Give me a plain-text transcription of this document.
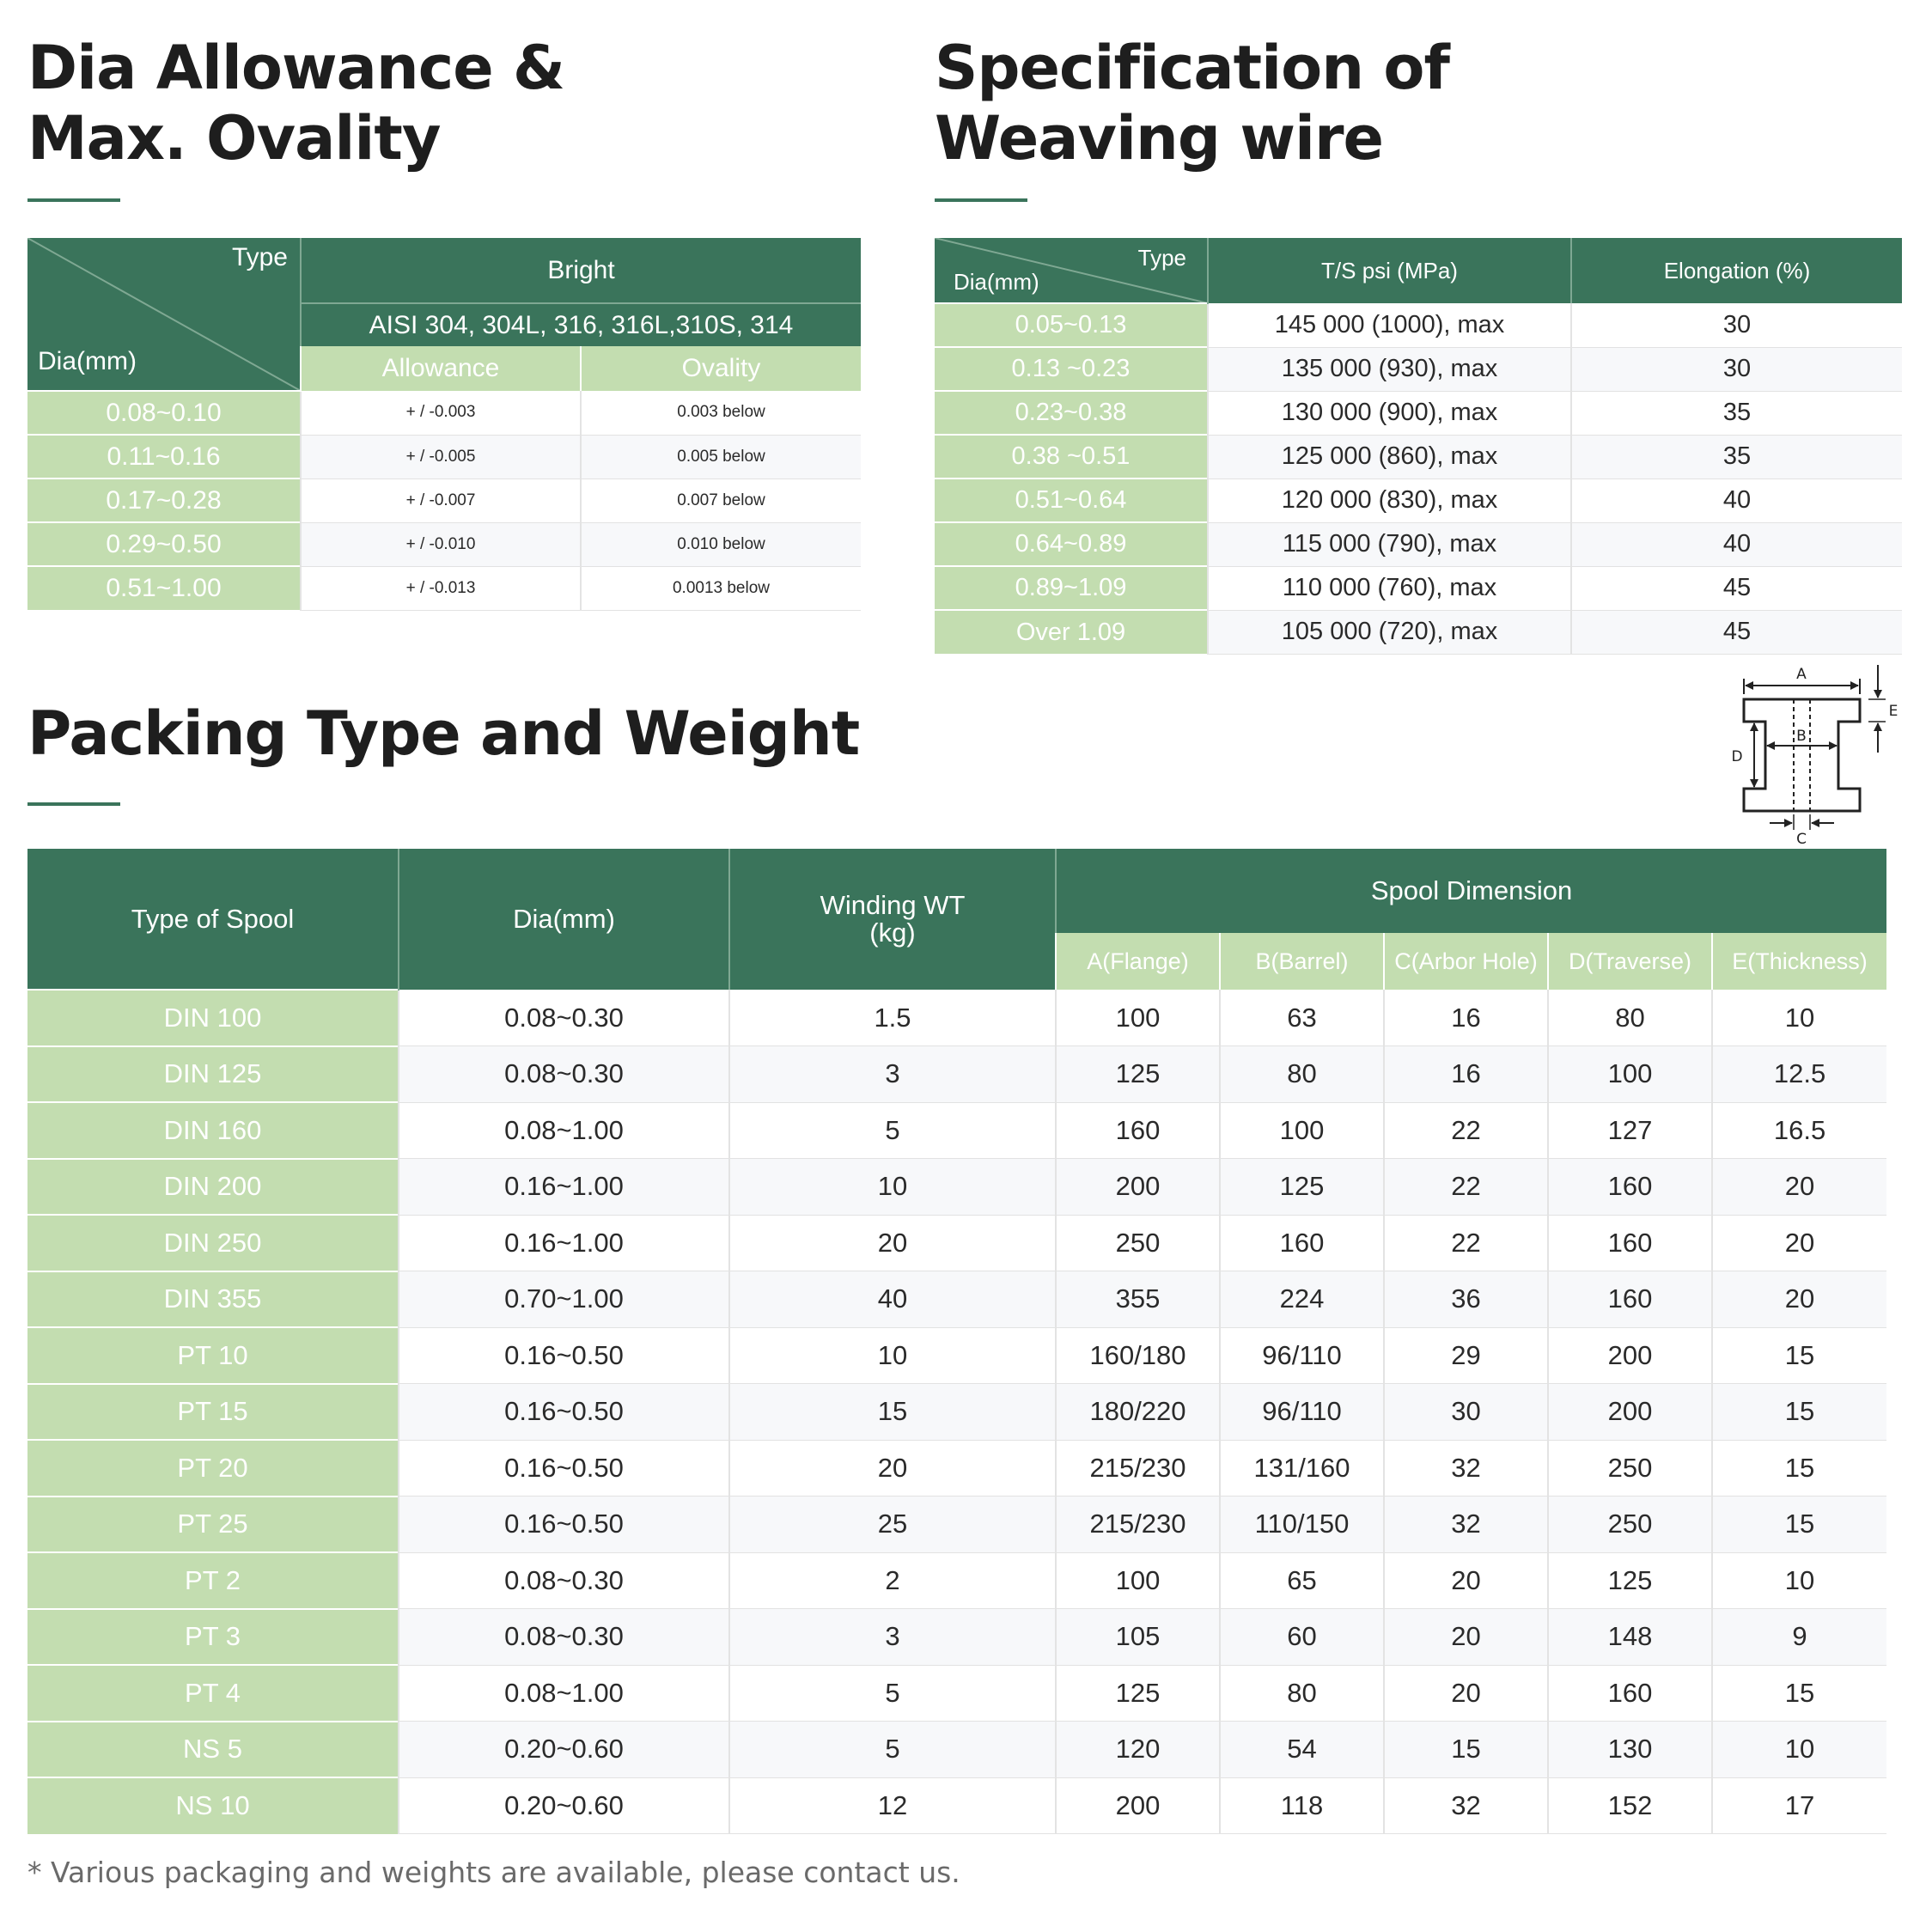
Dia Allowance &
Max. Ovality
Type
Dia(mm)	Bright	
	AISI 304, 304L, 316, 316L,310S, 314	
	Allowance	Ovality
0.08~0.10	+ / -0.003	0.003 below
0.11~0.16	+ / -0.005	0.005 below
0.17~0.28	+ / -0.007	0.007 below
0.29~0.50	+ / -0.010	0.010 below
0.51~1.00	+ / -0.013	0.0013 below
Specification of
Weaving wire
Type
Dia(mm)	T/S psi (MPa)	Elongation (%)
0.05~0.13	145 000 (1000), max	30
0.13 ~0.23	135 000 (930), max	30
0.23~0.38	130 000 (900), max	35
0.38 ~0.51	125 000 (860), max	35
0.51~0.64	120 000 (830), max	40
0.64~0.89	115 000 (790), max	40
0.89~1.09	110 000 (760), max	45
Over 1.09	105 000 (720), max	45
Packing Type and Weight
A
B
D
C
E
Type of Spool	Dia(mm)	Winding WT
(kg)	Spool Dimension				
			A(Flange)	B(Barrel)	C(Arbor Hole)	D(Traverse)	E(Thickness)
DIN 100	0.08~0.30	1.5	100	63	16	80	10
DIN 125	0.08~0.30	3	125	80	16	100	12.5
DIN 160	0.08~1.00	5	160	100	22	127	16.5
DIN 200	0.16~1.00	10	200	125	22	160	20
DIN 250	0.16~1.00	20	250	160	22	160	20
DIN 355	0.70~1.00	40	355	224	36	160	20
PT 10	0.16~0.50	10	160/180	96/110	29	200	15
PT 15	0.16~0.50	15	180/220	96/110	30	200	15
PT 20	0.16~0.50	20	215/230	131/160	32	250	15
PT 25	0.16~0.50	25	215/230	110/150	32	250	15
PT 2	0.08~0.30	2	100	65	20	125	10
PT 3	0.08~0.30	3	105	60	20	148	9
PT 4	0.08~1.00	5	125	80	20	160	15
NS 5	0.20~0.60	5	120	54	15	130	10
NS 10	0.20~0.60	12	200	118	32	152	17
* Various packaging and weights are available, please contact us.
